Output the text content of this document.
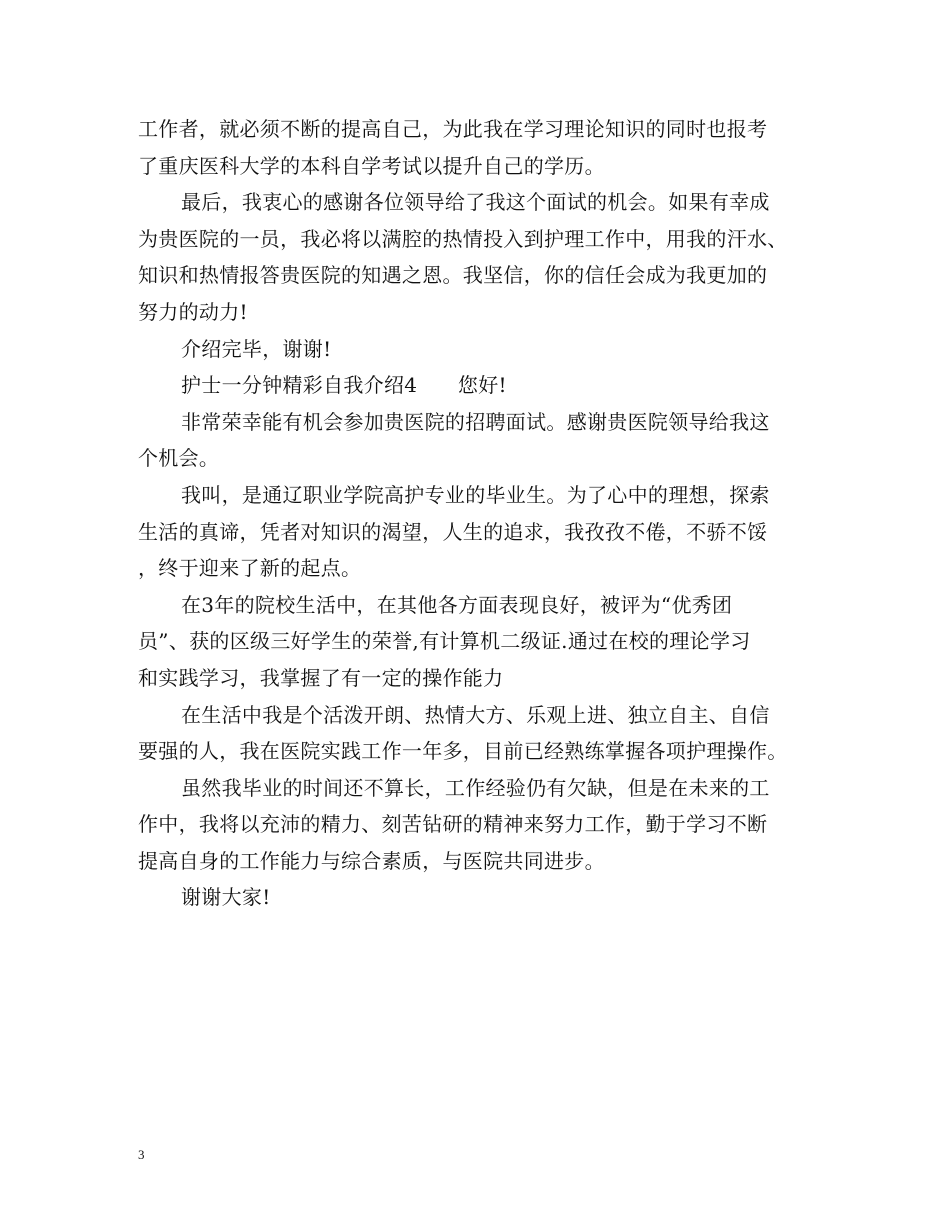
工作者，就必须不断的提高自己，为此我在学习理论知识的同时也报考
了重庆医科大学的本科自学考试以提升自己的学历。
最后，我衷心的感谢各位领导给了我这个面试的机会。如果有幸成
为贵医院的一员，我必将以满腔的热情投入到护理工作中，用我的汗水、
知识和热情报答贵医院的知遇之恩。我坚信，你的信任会成为我更加的
努力的动力!
介绍完毕，谢谢!
护士一分钟精彩自我介绍4　　您好!
非常荣幸能有机会参加贵医院的招聘面试。感谢贵医院领导给我这
个机会。
我叫，是通辽职业学院高护专业的毕业生。为了心中的理想，探索
生活的真谛，凭者对知识的渴望，人生的追求，我孜孜不倦，不骄不馁
，终于迎来了新的起点。
在3年的院校生活中，在其他各方面表现良好，被评为“优秀团
员”、获的区级三好学生的荣誉,有计算机二级证.通过在校的理论学习
和实践学习，我掌握了有一定的操作能力
在生活中我是个活泼开朗、热情大方、乐观上进、独立自主、自信
要强的人，我在医院实践工作一年多，目前已经熟练掌握各项护理操作。
虽然我毕业的时间还不算长，工作经验仍有欠缺，但是在未来的工
作中，我将以充沛的精力、刻苦钻研的精神来努力工作，勤于学习不断
提高自身的工作能力与综合素质，与医院共同进步。
谢谢大家!
3
